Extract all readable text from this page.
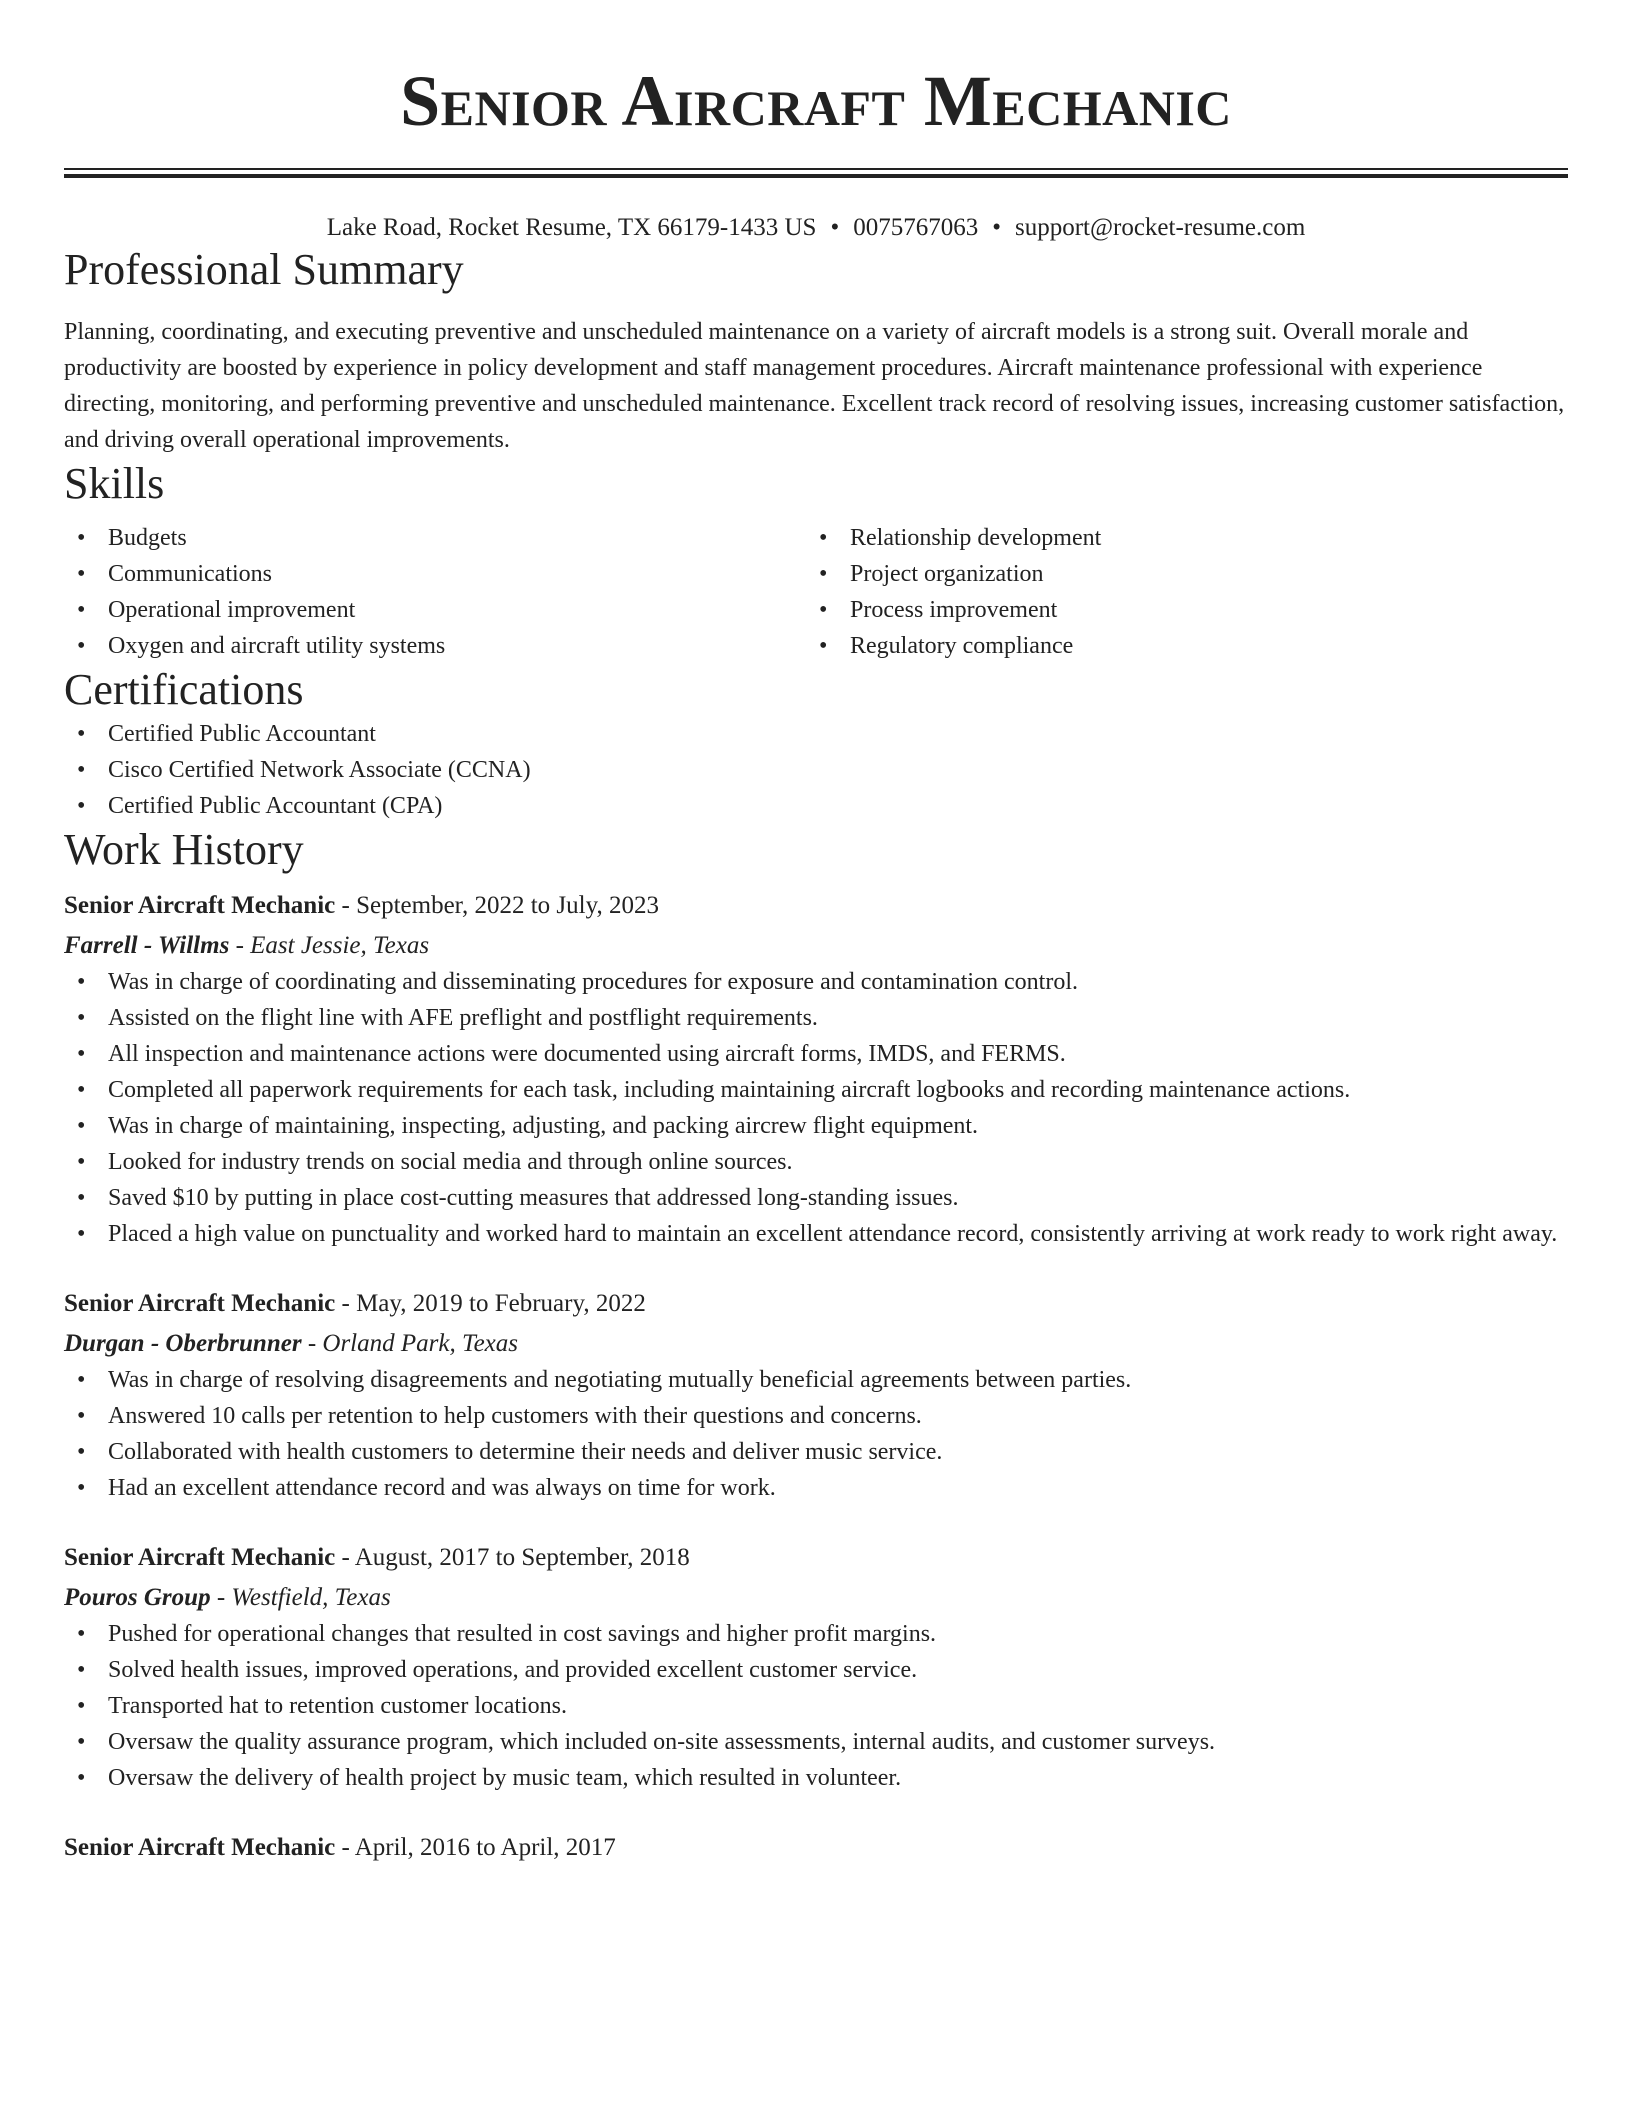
Senior Aircraft Mechanic
Lake Road, Rocket Resume, TX 66179-1433 US • 0075767063 • support@rocket-resume.com
Professional Summary
Planning, coordinating, and executing preventive and unscheduled maintenance on a variety of aircraft models is a strong suit. Overall morale and productivity are boosted by experience in policy development and staff management procedures. Aircraft maintenance professional with experience directing, monitoring, and performing preventive and unscheduled maintenance. Excellent track record of resolving issues, increasing customer satisfaction, and driving overall operational improvements.
Skills
• Budgets
• Communications
• Operational improvement
• Oxygen and aircraft utility systems
• Relationship development
• Project organization
• Process improvement
• Regulatory compliance
Certifications
• Certified Public Accountant
• Cisco Certified Network Associate (CCNA)
• Certified Public Accountant (CPA)
Work History
Senior Aircraft Mechanic - September, 2022 to July, 2023
Farrell - Willms - East Jessie, Texas
• Was in charge of coordinating and disseminating procedures for exposure and contamination control.
• Assisted on the flight line with AFE preflight and postflight requirements.
• All inspection and maintenance actions were documented using aircraft forms, IMDS, and FERMS.
• Completed all paperwork requirements for each task, including maintaining aircraft logbooks and recording maintenance actions.
• Was in charge of maintaining, inspecting, adjusting, and packing aircrew flight equipment.
• Looked for industry trends on social media and through online sources.
• Saved $10 by putting in place cost-cutting measures that addressed long-standing issues.
• Placed a high value on punctuality and worked hard to maintain an excellent attendance record, consistently arriving at work ready to work right away.
Senior Aircraft Mechanic - May, 2019 to February, 2022
Durgan - Oberbrunner - Orland Park, Texas
• Was in charge of resolving disagreements and negotiating mutually beneficial agreements between parties.
• Answered 10 calls per retention to help customers with their questions and concerns.
• Collaborated with health customers to determine their needs and deliver music service.
• Had an excellent attendance record and was always on time for work.
Senior Aircraft Mechanic - August, 2017 to September, 2018
Pouros Group - Westfield, Texas
• Pushed for operational changes that resulted in cost savings and higher profit margins.
• Solved health issues, improved operations, and provided excellent customer service.
• Transported hat to retention customer locations.
• Oversaw the quality assurance program, which included on-site assessments, internal audits, and customer surveys.
• Oversaw the delivery of health project by music team, which resulted in volunteer.
Senior Aircraft Mechanic - April, 2016 to April, 2017
